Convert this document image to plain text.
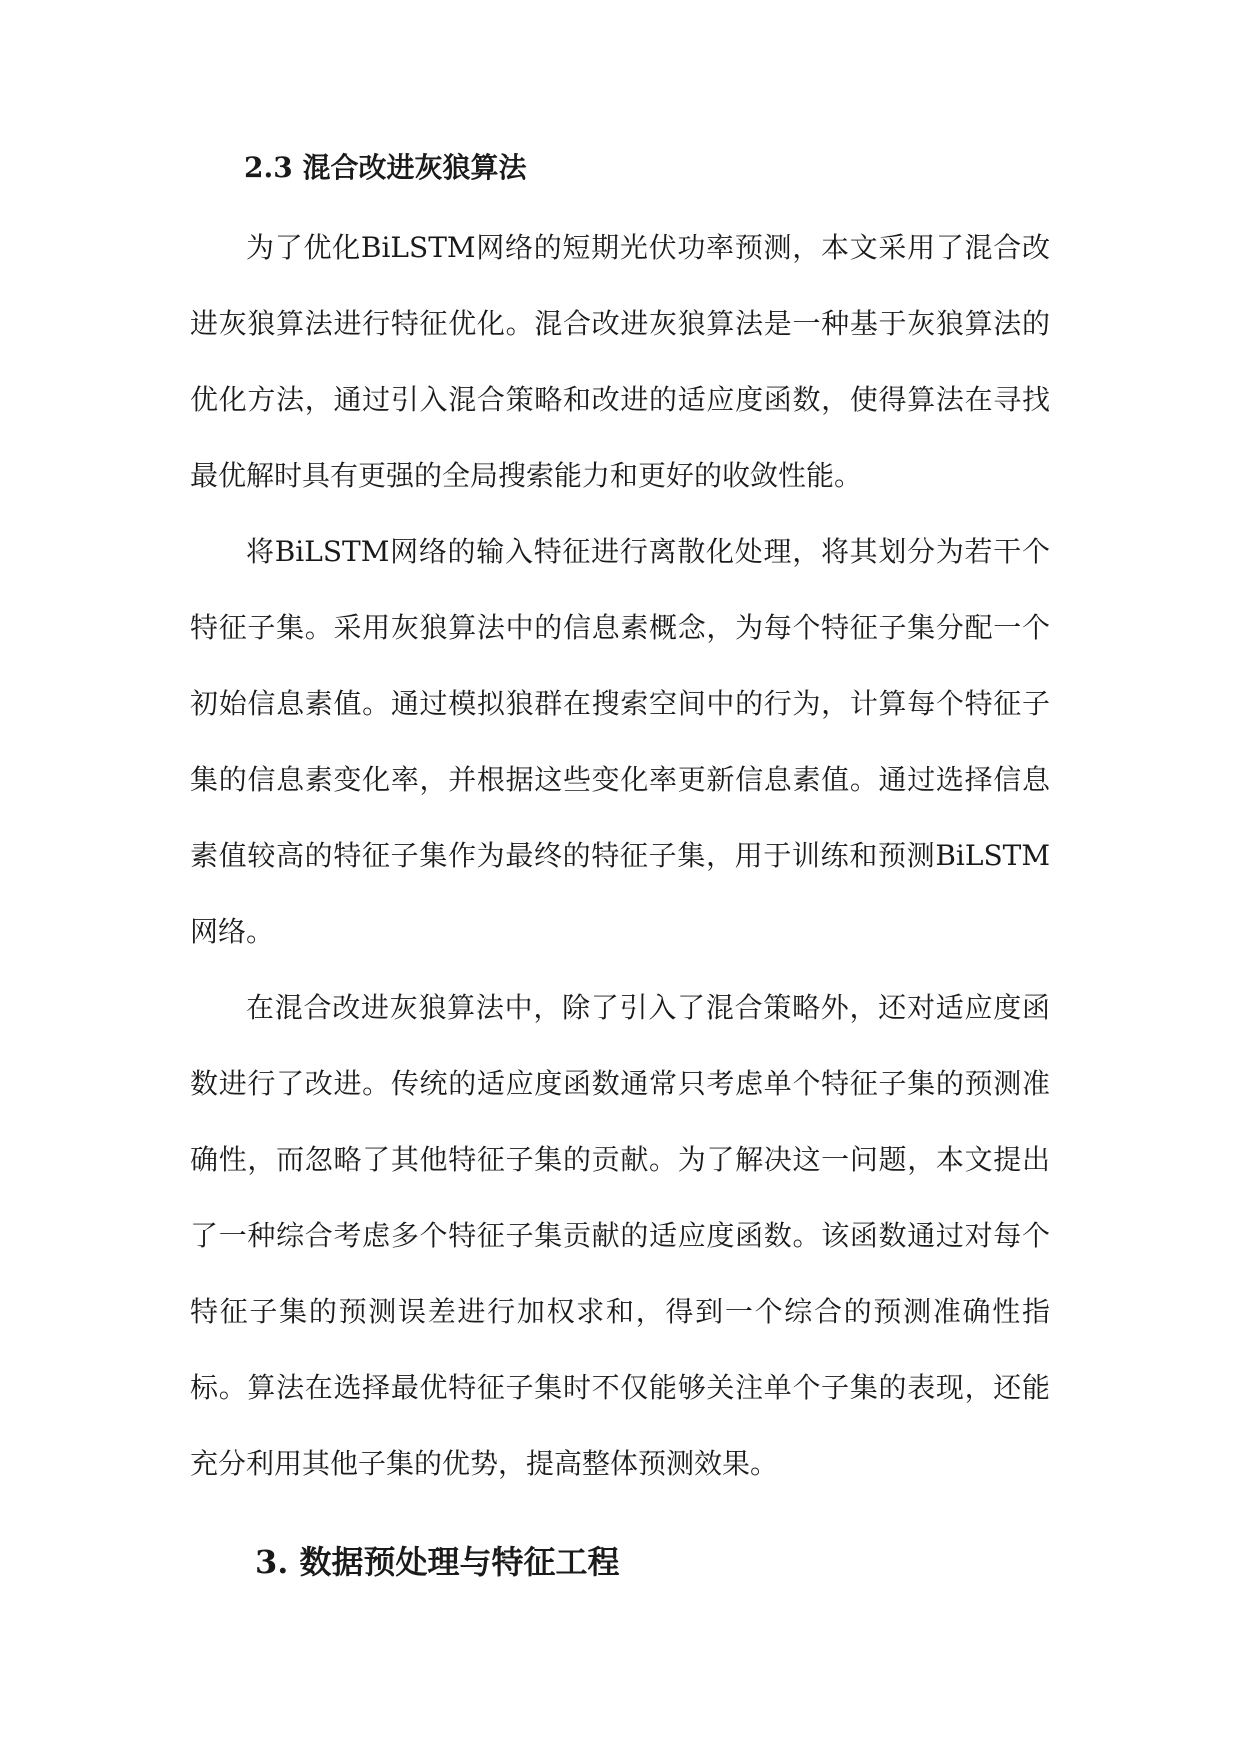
2.3 混合改进灰狼算法

为了优化BiLSTM网络的短期光伏功率预测，本文采用了混合改进灰狼算法进行特征优化。混合改进灰狼算法是一种基于灰狼算法的优化方法，通过引入混合策略和改进的适应度函数，使得算法在寻找最优解时具有更强的全局搜索能力和更好的收敛性能。

将BiLSTM网络的输入特征进行离散化处理，将其划分为若干个特征子集。采用灰狼算法中的信息素概念，为每个特征子集分配一个初始信息素值。通过模拟狼群在搜索空间中的行为，计算每个特征子集的信息素变化率，并根据这些变化率更新信息素值。通过选择信息素值较高的特征子集作为最终的特征子集，用于训练和预测BiLSTM网络。

在混合改进灰狼算法中，除了引入了混合策略外，还对适应度函数进行了改进。传统的适应度函数通常只考虑单个特征子集的预测准确性，而忽略了其他特征子集的贡献。为了解决这一问题，本文提出了一种综合考虑多个特征子集贡献的适应度函数。该函数通过对每个特征子集的预测误差进行加权求和，得到一个综合的预测准确性指标。算法在选择最优特征子集时不仅能够关注单个子集的表现，还能充分利用其他子集的优势，提高整体预测效果。

3. 数据预处理与特征工程
